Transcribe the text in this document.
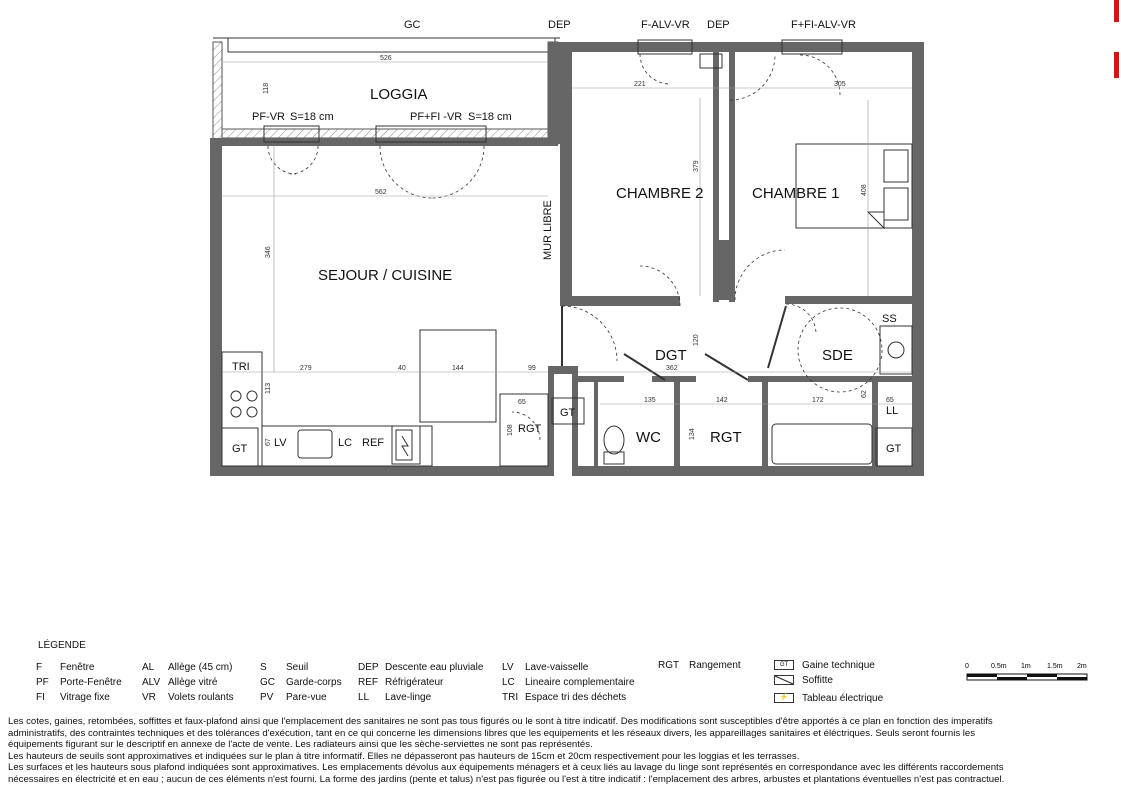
GC	DEP	F-ALV-VR DEP	F+FI-ALV-VR
LOGGIA
SEJOUR / CUISINE
CHAMBRE 2	CHAMBRE 1
DGT	SDE
WC	RGT
MUR LIBRE
PF-VR S=18 cm	PF+FI -VR S=18 cm
TRI
LV	LC REF
GT
GT
GT
RGT
SS
LL
526
118
562
346
279	40	144	99
113
67
65
108
221	305
379
408
120
362
135	142
134
172	65
62
LÉGENDE
F Fenêtre
PF Porte-Fenêtre
FI Vitrage fixe
AL Allège (45 cm)
ALV Allège vitré
VR Volets roulants
S Seuil
GC Garde-corps
PV Pare-vue
DEP Descente eau pluviale
REF Réfrigérateur
LL Lave-linge
LV Lave-vaisselle
LC Lineaire complementaire
TRI Espace tri des déchets
RGT Rangement	GT Gaine technique
Soffitte
⚡ Tableau électrique
0	0.5m 1m 1.5m 2m
Les cotes, gaines, retombées, soffittes et faux-plafond ainsi que l'emplacement des sanitaires ne sont pas tous figurés ou le sont à titre indicatif. Des modifications sont susceptibles d'être apportés à ce plan en fonction des imperatifs
administratifs, des contraintes techniques et des tolérances d'exécution, tant en ce qui concerne les dimensions libres que les equipements et les réseaux divers, les appareillages sanitaires et éléctriques. Seuls seront fournis les
équipements figurant sur le descriptif en annexe de l'acte de vente. Les radiateurs ainsi que les sèche-serviettes ne sont pas représentés.
Les hauteurs de seuils sont approximatives et indiquées sur le plan à titre informatif. Elles ne dépasseront pas hauteurs de 15cm et 20cm respectivement pour les loggias et les terrasses.
Les surfaces et les hauteurs sous plafond indiquées sont approximatives. Les emplacements dévolus aux équipements ménagers et à ceux liés au lavage du linge sont représentés en correspondance avec les différents raccordements
nécessaires en électricité et en eau ; aucun de ces éléments n'est fourni. La forme des jardins (pente et talus) n'est pas figurée ou l'est à titre indicatif : l'emplacement des arbres, arbustes et plantations éventuelles n'est pas contractuel.
